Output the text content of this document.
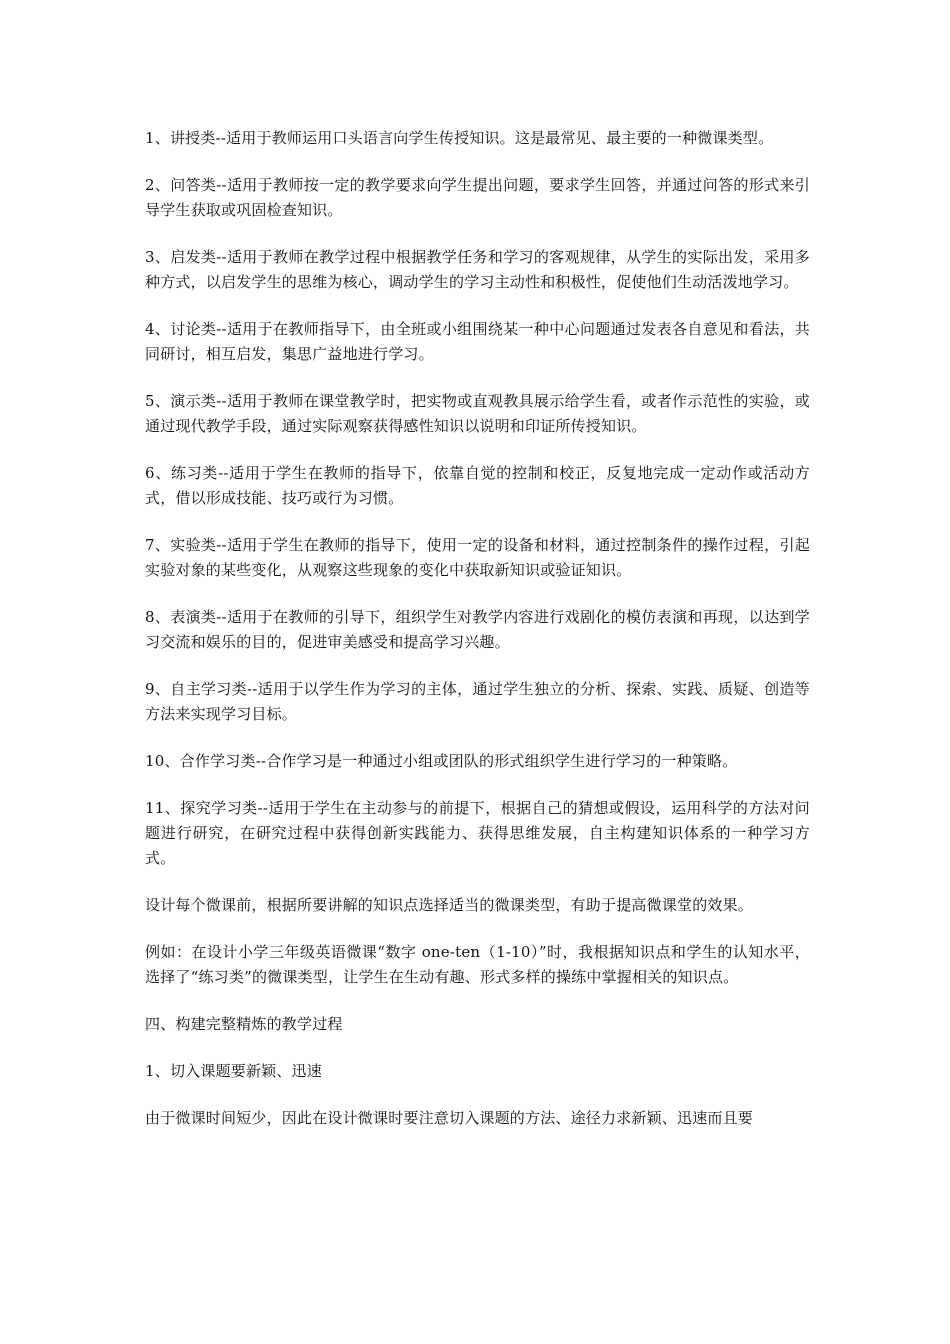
1、讲授类--适用于教师运用口头语言向学生传授知识。这是最常见、最主要的一种微课类型。

2、问答类--适用于教师按一定的教学要求向学生提出问题，要求学生回答，并通过问答的形式来引导学生获取或巩固检查知识。

3、启发类--适用于教师在教学过程中根据教学任务和学习的客观规律，从学生的实际出发，采用多种方式，以启发学生的思维为核心，调动学生的学习主动性和积极性，促使他们生动活泼地学习。

4、讨论类--适用于在教师指导下，由全班或小组围绕某一种中心问题通过发表各自意见和看法，共同研讨，相互启发，集思广益地进行学习。

5、演示类--适用于教师在课堂教学时，把实物或直观教具展示给学生看，或者作示范性的实验，或通过现代教学手段，通过实际观察获得感性知识以说明和印证所传授知识。

6、练习类--适用于学生在教师的指导下，依靠自觉的控制和校正，反复地完成一定动作或活动方式，借以形成技能、技巧或行为习惯。

7、实验类--适用于学生在教师的指导下，使用一定的设备和材料，通过控制条件的操作过程，引起实验对象的某些变化，从观察这些现象的变化中获取新知识或验证知识。

8、表演类--适用于在教师的引导下，组织学生对教学内容进行戏剧化的模仿表演和再现，以达到学习交流和娱乐的目的，促进审美感受和提高学习兴趣。

9、自主学习类--适用于以学生作为学习的主体，通过学生独立的分析、探索、实践、质疑、创造等方法来实现学习目标。

10、合作学习类--合作学习是一种通过小组或团队的形式组织学生进行学习的一种策略。

11、探究学习类--适用于学生在主动参与的前提下，根据自己的猜想或假设，运用科学的方法对问题进行研究，在研究过程中获得创新实践能力、获得思维发展，自主构建知识体系的一种学习方式。

设计每个微课前，根据所要讲解的知识点选择适当的微课类型，有助于提高微课堂的效果。

例如：在设计小学三年级英语微课“数字 one-ten（1-10）”时，我根据知识点和学生的认知水平，选择了“练习类”的微课类型，让学生在生动有趣、形式多样的操练中掌握相关的知识点。

四、构建完整精炼的教学过程

1、切入课题要新颖、迅速

由于微课时间短少，因此在设计微课时要注意切入课题的方法、途径力求新颖、迅速而且要
